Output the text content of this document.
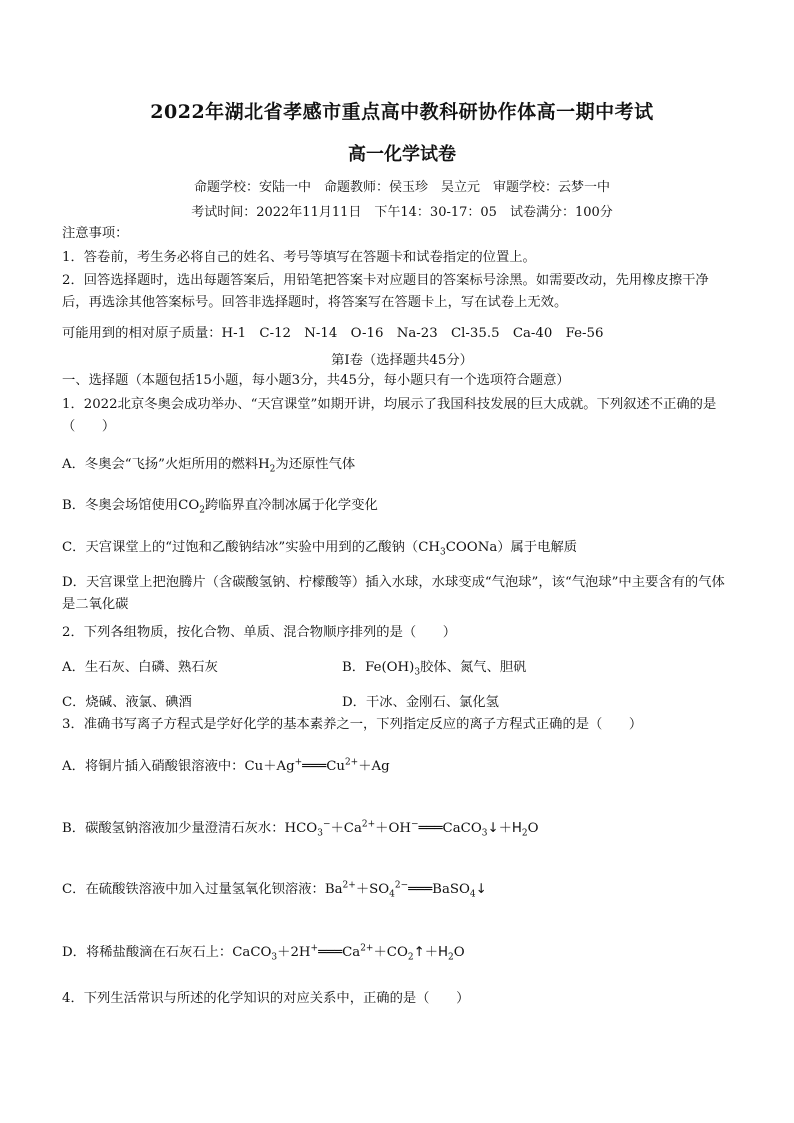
2022年湖北省孝感市重点高中教科研协作体高一期中考试
高一化学试卷
命题学校：安陆一中　命题教师：侯玉珍　吴立元　审题学校：云梦一中
考试时间：2022年11月11日　下午14：30-17：05　试卷满分：100分
注意事项：
1．答卷前，考生务必将自己的姓名、考号等填写在答题卡和试卷指定的位置上。
2．回答选择题时，选出每题答案后，用铅笔把答案卡对应题目的答案标号涂黑。如需要改动，先用橡皮擦干净后，再选涂其他答案标号。回答非选择题时，将答案写在答题卡上，写在试卷上无效。
可能用到的相对原子质量：H-1　C-12　N-14　O-16　Na-23　Cl-35.5　Ca-40　Fe-56
第Ⅰ卷（选择题共45分）
一、选择题（本题包括15小题，每小题3分，共45分，每小题只有一个选项符合题意）
1．2022北京冬奥会成功举办、“天宫课堂”如期开讲，均展示了我国科技发展的巨大成就。下列叙述不正确的是（　　）
A．冬奥会“飞扬”火炬所用的燃料$H_2$为还原性气体
B．冬奥会场馆使用$CO_2$跨临界直冷制冰属于化学变化
C．天宫课堂上的“过饱和乙酸钠结冰”实验中用到的乙酸钠$(CH_3COONa)$属于电解质
D．天宫课堂上把泡腾片（含碳酸氢钠、柠檬酸等）插入水球，水球变成“气泡球”，该“气泡球”中主要含有的气体是二氧化碳
2．下列各组物质，按化合物、单质、混合物顺序排列的是（　　）
A．生石灰、白磷、熟石灰	B．$Fe(OH)_3$胶体、氮气、胆矾
C．烧碱、液氯、碘酒	D．干冰、金刚石、氯化氢
3．准确书写离子方程式是学好化学的基本素养之一，下列指定反应的离子方程式正确的是（　　）
A．将铜片插入硝酸银溶液中：$Cu+Ag^+═══Cu^{2+}+Ag$
B．碳酸氢钠溶液加少量澄清石灰水：$HCO_3^-+Ca^{2+}+OH^-═══CaCO_3↓+H_2O$
C．在硫酸铁溶液中加入过量氢氧化钡溶液：$Ba^{2+}+SO_4^{2-}═══BaSO_4↓$
D．将稀盐酸滴在石灰石上：$CaCO_3+2H^+═══Ca^{2+}+CO_2↑+H_2O$
4．下列生活常识与所述的化学知识的对应关系中，正确的是（　　）
